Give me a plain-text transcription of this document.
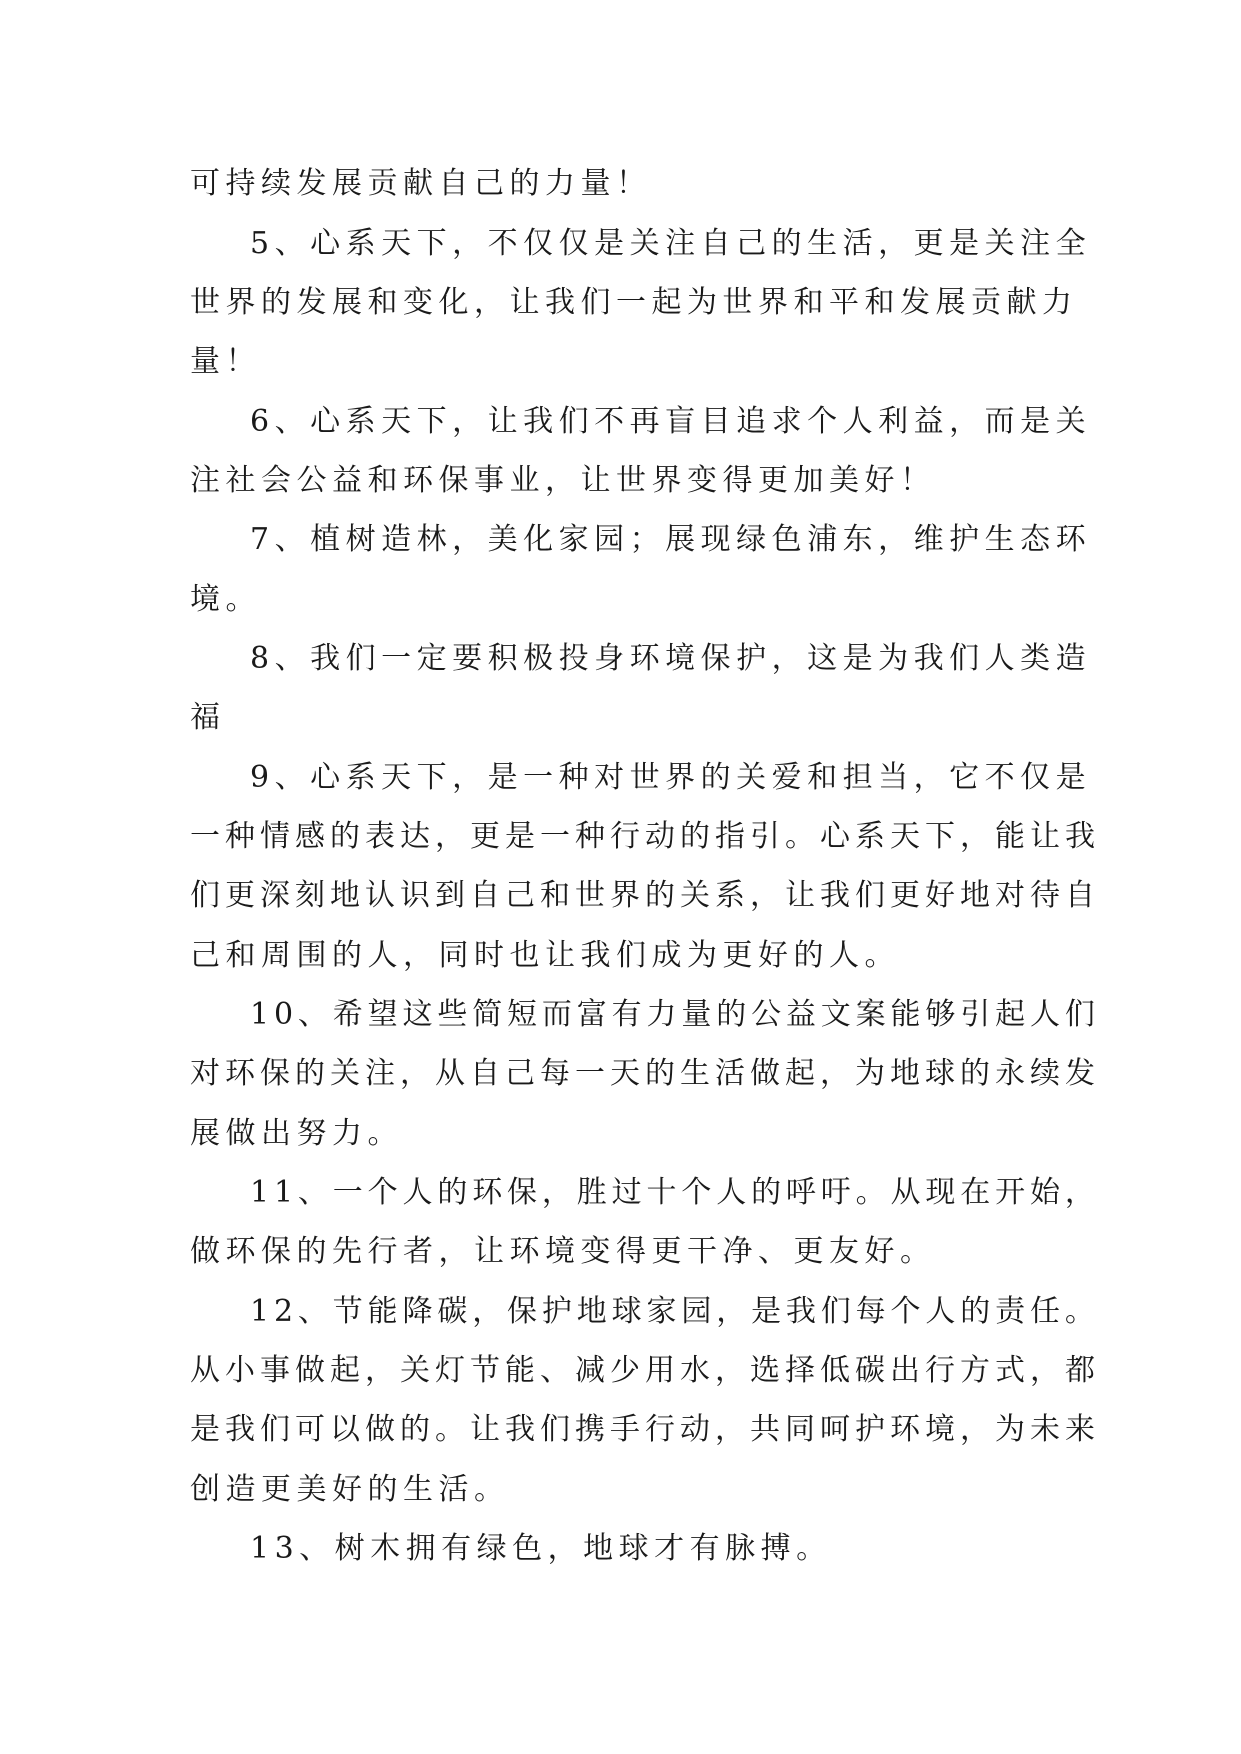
可持续发展贡献自己的力量！
5、心系天下，不仅仅是关注自己的生活，更是关注全
世界的发展和变化，让我们一起为世界和平和发展贡献力
量！
6、心系天下，让我们不再盲目追求个人利益，而是关
注社会公益和环保事业，让世界变得更加美好！
7、植树造林，美化家园；展现绿色浦东，维护生态环
境。
8、我们一定要积极投身环境保护，这是为我们人类造
福
9、心系天下，是一种对世界的关爱和担当，它不仅是
一种情感的表达，更是一种行动的指引。心系天下，能让我
们更深刻地认识到自己和世界的关系，让我们更好地对待自
己和周围的人，同时也让我们成为更好的人。
10、希望这些简短而富有力量的公益文案能够引起人们
对环保的关注，从自己每一天的生活做起，为地球的永续发
展做出努力。
11、一个人的环保，胜过十个人的呼吁。从现在开始，
做环保的先行者，让环境变得更干净、更友好。
12、节能降碳，保护地球家园，是我们每个人的责任。
从小事做起，关灯节能、减少用水，选择低碳出行方式，都
是我们可以做的。让我们携手行动，共同呵护环境，为未来
创造更美好的生活。
13、树木拥有绿色，地球才有脉搏。
